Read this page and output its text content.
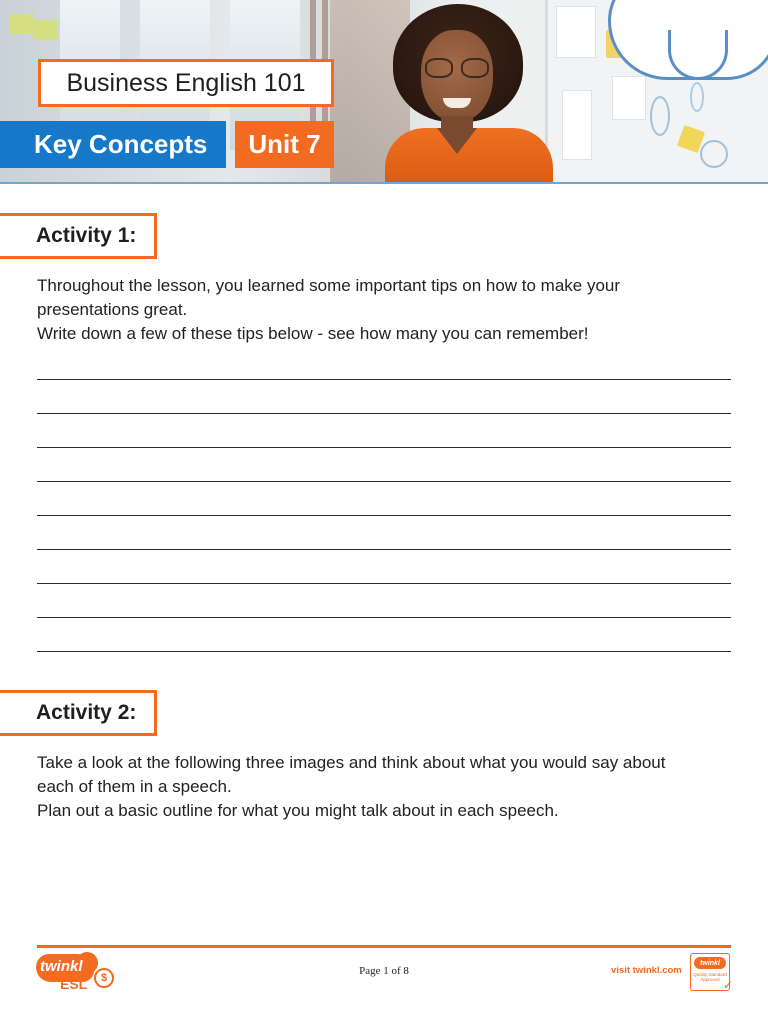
Business English 101
Key Concepts	Unit 7
Activity 1:

Throughout the lesson, you learned some important tips on how to make your presentations great.

Write down a few of these tips below - see how many you can remember!

Activity 2:

Take a look at the following three images and think about what you would say about each of them in a speech.

Plan out a basic outline for what you might talk about in each speech.

twinkl
ESL	$
Page 1 of 8	visit twinkl.com
twinkl
Quality Standard Approved ✓
